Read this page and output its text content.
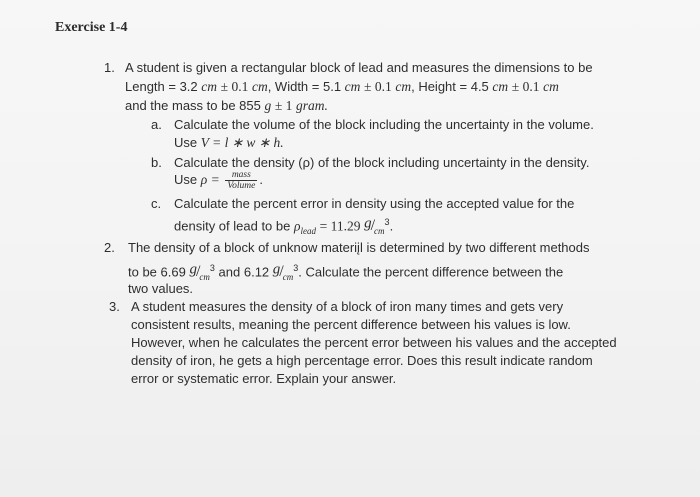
Exercise 1-4
1. A student is given a rectangular block of lead and measures the dimensions to be
Length = 3.2 cm ± 0.1 cm, Width = 5.1 cm ± 0.1 cm, Height = 4.5 cm ± 0.1 cm
and the mass to be 855 g ± 1 gram.
a. Calculate the volume of the block including the uncertainty in the volume.
Use V = l ∗ w ∗ h.
b. Calculate the density (ρ) of the block including uncertainty in the density.
Use $\rho = \frac{\text{mass}}{\text{Volume}}$ .
c. Calculate the percent error in density using the accepted value for the
density of lead to be $\rho_{lead} = 11.29$ $g/_{cm}^3$.
2. The density of a block of unknow materiįl is determined by two different methods
to be 6.69 $g/_{cm}^3$ and 6.12 $g/_{cm}^3$. Calculate the percent difference between the
two values.
3. A student measures the density of a block of iron many times and gets very
consistent results, meaning the percent difference between his values is low.
However, when he calculates the percent error between his values and the accepted
density of iron, he gets a high percentage error. Does this result indicate random
error or systematic error. Explain your answer.
